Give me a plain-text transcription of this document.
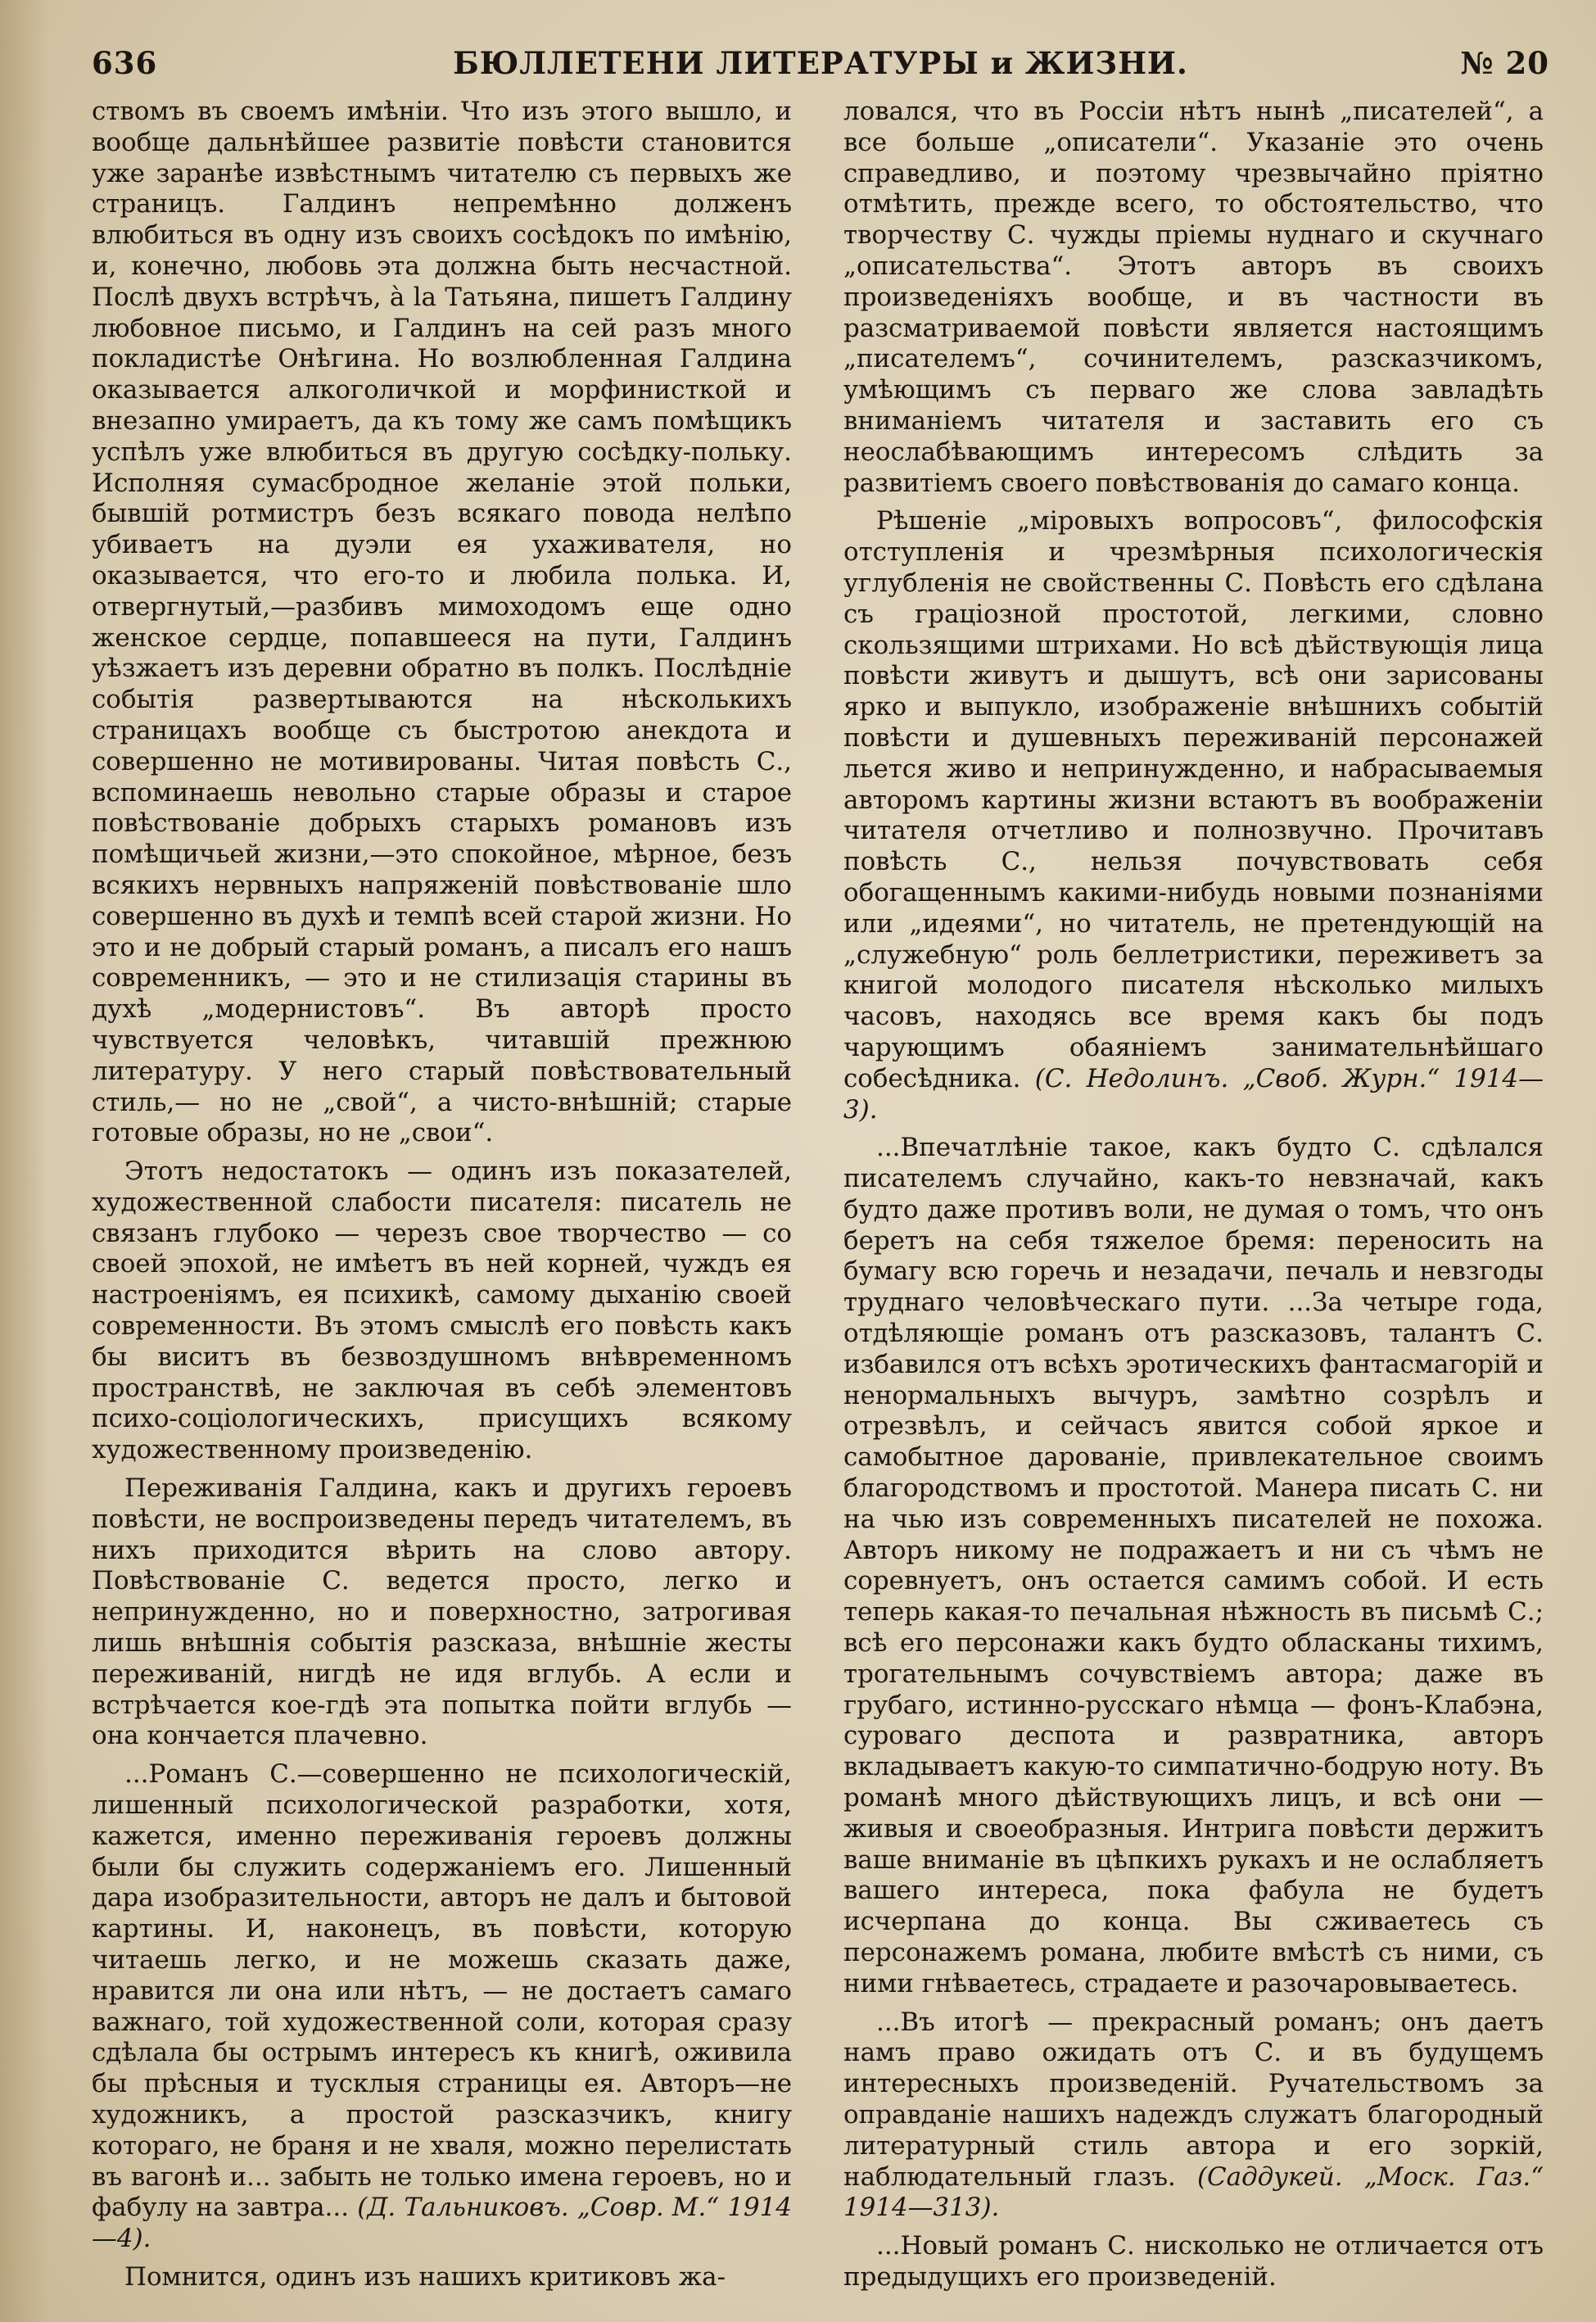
636	БЮЛЛЕТЕНИ ЛИТЕРАТУРЫ и ЖИЗНИ.	№ 20

ствомъ въ своемъ имѣніи. Что изъ этого вышло, и вообще дальнѣйшее развитіе повѣсти становится уже заранѣе извѣстнымъ читателю съ первыхъ же страницъ. Галдинъ непремѣнно долженъ влюбиться въ одну изъ своихъ сосѣдокъ по имѣнію, и, конечно, любовь эта должна быть несчастной. Послѣ двухъ встрѣчъ, à la Татьяна, пишетъ Галдину любовное письмо, и Галдинъ на сей разъ много покладистѣе Онѣгина. Но возлюбленная Галдина оказывается алкоголичкой и морфинисткой и внезапно умираетъ, да къ тому же самъ помѣщикъ успѣлъ уже влюбиться въ другую сосѣдку-польку. Исполняя сумасбродное желаніе этой польки, бывшій ротмистръ безъ всякаго повода нелѣпо убиваетъ на дуэли ея ухаживателя, но оказывается, что его-то и любила полька. И, отвергнутый,—разбивъ мимоходомъ еще одно женское сердце, попавшееся на пути, Галдинъ уѣзжаетъ изъ деревни обратно въ полкъ. Послѣдніе событія развертываются на нѣсколькихъ страницахъ вообще съ быстротою анекдота и совершенно не мотивированы. Читая повѣсть С., вспоминаешь невольно старые образы и старое повѣствованіе добрыхъ старыхъ романовъ изъ помѣщичьей жизни,—это спокойное, мѣрное, безъ всякихъ нервныхъ напряженій повѣствованіе шло совершенно въ духѣ и темпѣ всей старой жизни. Но это и не добрый старый романъ, а писалъ его нашъ современникъ, — это и не стилизація старины въ духѣ „модернистовъ“. Въ авторѣ просто чувствуется человѣкъ, читавшій прежнюю литературу. У него старый повѣствовательный стиль,— но не „свой“, а чисто-внѣшній; старые готовые образы, но не „свои“.

Этотъ недостатокъ — одинъ изъ показателей, художественной слабости писателя: писатель не связанъ глубоко — черезъ свое творчество — со своей эпохой, не имѣетъ въ ней корней, чуждъ ея настроеніямъ, ея психикѣ, самому дыханію своей современности. Въ этомъ смыслѣ его повѣсть какъ бы виситъ въ безвоздушномъ внѣвременномъ пространствѣ, не заключая въ себѣ элементовъ психо-соціологическихъ, присущихъ всякому художественному произведенію.

Переживанія Галдина, какъ и другихъ героевъ повѣсти, не воспроизведены передъ читателемъ, въ нихъ приходится вѣрить на слово автору. Повѣствованіе С. ведется просто, легко и непринужденно, но и поверхностно, затрогивая лишь внѣшнія событія разсказа, внѣшніе жесты переживаній, нигдѣ не идя вглубь. А если и встрѣчается кое-гдѣ эта попытка пойти вглубь — она кончается плачевно.

...Романъ С.—совершенно не психологическій, лишенный психологической разработки, хотя, кажется, именно переживанія героевъ должны были бы служить содержаніемъ его. Лишенный дара изобразительности, авторъ не далъ и бытовой картины. И, наконецъ, въ повѣсти, которую читаешь легко, и не можешь сказать даже, нравится ли она или нѣтъ, — не достаетъ самаго важнаго, той художественной соли, которая сразу сдѣлала бы острымъ интересъ къ книгѣ, оживила бы прѣсныя и тусклыя страницы ея. Авторъ—не художникъ, а простой разсказчикъ, книгу котораго, не браня и не хваля, можно перелистать въ вагонѣ и... забыть не только имена героевъ, но и фабулу на завтра... (Д. Тальниковъ. „Совр. М.“ 1914—4).

Помнится, одинъ изъ нашихъ критиковъ жа-

ловался, что въ Россіи нѣтъ нынѣ „писателей“, а все больше „описатели“. Указаніе это очень справедливо, и поэтому чрезвычайно пріятно отмѣтить, прежде всего, то обстоятельство, что творчеству С. чужды пріемы нуднаго и скучнаго „описательства“. Этотъ авторъ въ своихъ произведеніяхъ вообще, и въ частности въ разсматриваемой повѣсти является настоящимъ „писателемъ“, сочинителемъ, разсказчикомъ, умѣющимъ съ перваго же слова завладѣть вниманіемъ читателя и заставить его съ неослабѣвающимъ интересомъ слѣдить за развитіемъ своего повѣствованія до самаго конца.

Рѣшеніе „міровыхъ вопросовъ“, философскія отступленія и чрезмѣрныя психологическія углубленія не свойственны С. Повѣсть его сдѣлана съ граціозной простотой, легкими, словно скользящими штрихами. Но всѣ дѣйствующія лица повѣсти живутъ и дышутъ, всѣ они зарисованы ярко и выпукло, изображеніе внѣшнихъ событій повѣсти и душевныхъ переживаній персонажей льется живо и непринужденно, и набрасываемыя авторомъ картины жизни встаютъ въ воображеніи читателя отчетливо и полнозвучно. Прочитавъ повѣсть С., нельзя почувствовать себя обогащеннымъ какими-нибудь новыми познаніями или „идеями“, но читатель, не претендующій на „служебную“ роль беллетристики, переживетъ за книгой молодого писателя нѣсколько милыхъ часовъ, находясь все время какъ бы подъ чарующимъ обаяніемъ занимательнѣйшаго собесѣдника. (С. Недолинъ. „Своб. Журн.“ 1914—3).

...Впечатлѣніе такое, какъ будто С. сдѣлался писателемъ случайно, какъ-то невзначай, какъ будто даже противъ воли, не думая о томъ, что онъ беретъ на себя тяжелое бремя: переносить на бумагу всю горечь и незадачи, печаль и невзгоды труднаго человѣческаго пути. ...За четыре года, отдѣляющіе романъ отъ разсказовъ, талантъ С. избавился отъ всѣхъ эротическихъ фантасмагорій и ненормальныхъ вычуръ, замѣтно созрѣлъ и отрезвѣлъ, и сейчасъ явится собой яркое и самобытное дарованіе, привлекательное своимъ благородствомъ и простотой. Манера писать С. ни на чью изъ современныхъ писателей не похожа. Авторъ никому не подражаетъ и ни съ чѣмъ не соревнуетъ, онъ остается самимъ собой. И есть теперь какая-то печальная нѣжность въ письмѣ С.; всѣ его персонажи какъ будто обласканы тихимъ, трогательнымъ сочувствіемъ автора; даже въ грубаго, истинно-русскаго нѣмца — фонъ-Клабэна, суроваго деспота и развратника, авторъ вкладываетъ какую-то симпатично-бодрую ноту. Въ романѣ много дѣйствующихъ лицъ, и всѣ они — живыя и своеобразныя. Интрига повѣсти держитъ ваше вниманіе въ цѣпкихъ рукахъ и не ослабляетъ вашего интереса, пока фабула не будетъ исчерпана до конца. Вы сживаетесь съ персонажемъ романа, любите вмѣстѣ съ ними, съ ними гнѣваетесь, страдаете и разочаровываетесь.

...Въ итогѣ — прекрасный романъ; онъ даетъ намъ право ожидать отъ С. и въ будущемъ интересныхъ произведеній. Ручательствомъ за оправданіе нашихъ надеждъ служатъ благородный литературный стиль автора и его зоркій, наблюдательный глазъ. (Саддукей. „Моск. Газ.“ 1914—313).

...Новый романъ С. нисколько не отличается отъ предыдущихъ его произведеній.
